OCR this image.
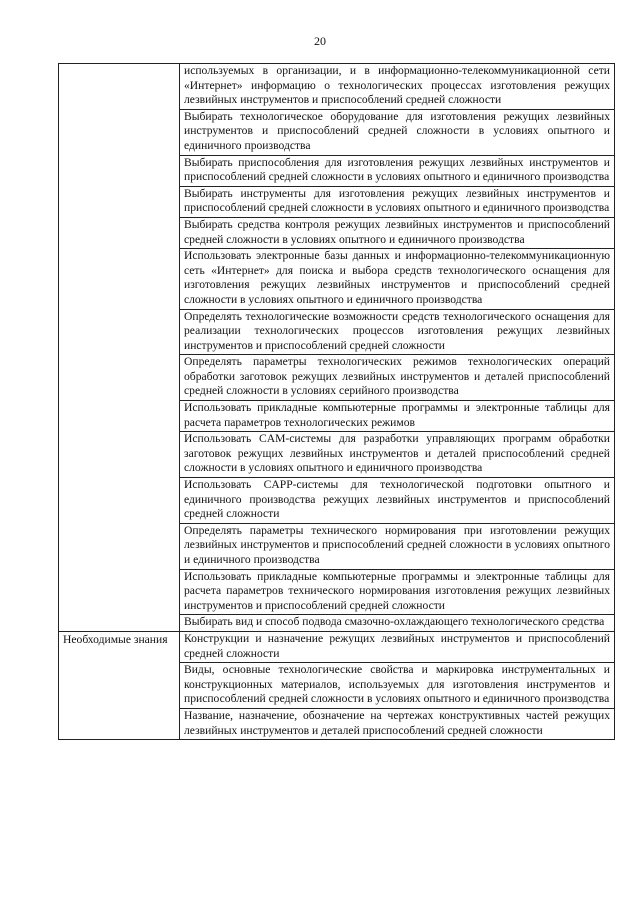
20
	используемых в организации, и в информационно-телекоммуникационной сети «Интернет» информацию о технологических процессах изготовления режущих лезвийных инструментов и приспособлений средней сложности
	Выбирать технологическое оборудование для изготовления режущих лезвийных инструментов и приспособлений средней сложности в условиях опытного и единичного производства
	Выбирать приспособления для изготовления режущих лезвийных инструментов и приспособлений средней сложности в условиях опытного и единичного производства
	Выбирать инструменты для изготовления режущих лезвийных инструментов и приспособлений средней сложности в условиях опытного и единичного производства
	Выбирать средства контроля режущих лезвийных инструментов и приспособлений средней сложности в условиях опытного и единичного производства
	Использовать электронные базы данных и информационно-телекоммуникационную сеть «Интернет» для поиска и выбора средств технологического оснащения для изготовления режущих лезвийных инструментов и приспособлений средней сложности в условиях опытного и единичного производства
	Определять технологические возможности средств технологического оснащения для реализации технологических процессов изготовления режущих лезвийных инструментов и приспособлений средней сложности
	Определять параметры технологических режимов технологических операций обработки заготовок режущих лезвийных инструментов и деталей приспособлений средней сложности в условиях серийного производства
	Использовать прикладные компьютерные программы и электронные таблицы для расчета параметров технологических режимов
	Использовать CAM-системы для разработки управляющих программ обработки заготовок режущих лезвийных инструментов и деталей приспособлений средней сложности в условиях опытного и единичного производства
	Использовать CAPP-системы для технологической подготовки опытного и единичного производства режущих лезвийных инструментов и приспособлений средней сложности
	Определять параметры технического нормирования при изготовлении режущих лезвийных инструментов и приспособлений средней сложности в условиях опытного и единичного производства
	Использовать прикладные компьютерные программы и электронные таблицы для расчета параметров технического нормирования изготовления режущих лезвийных инструментов и приспособлений средней сложности
	Выбирать вид и способ подвода смазочно-охлаждающего технологического средства

Необходимые знания	Конструкции и назначение режущих лезвийных инструментов и приспособлений средней сложности
	Виды, основные технологические свойства и маркировка инструментальных и конструкционных материалов, используемых для изготовления инструментов и приспособлений средней сложности в условиях опытного и единичного производства
	Название, назначение, обозначение на чертежах конструктивных частей режущих лезвийных инструментов и деталей приспособлений средней сложности
